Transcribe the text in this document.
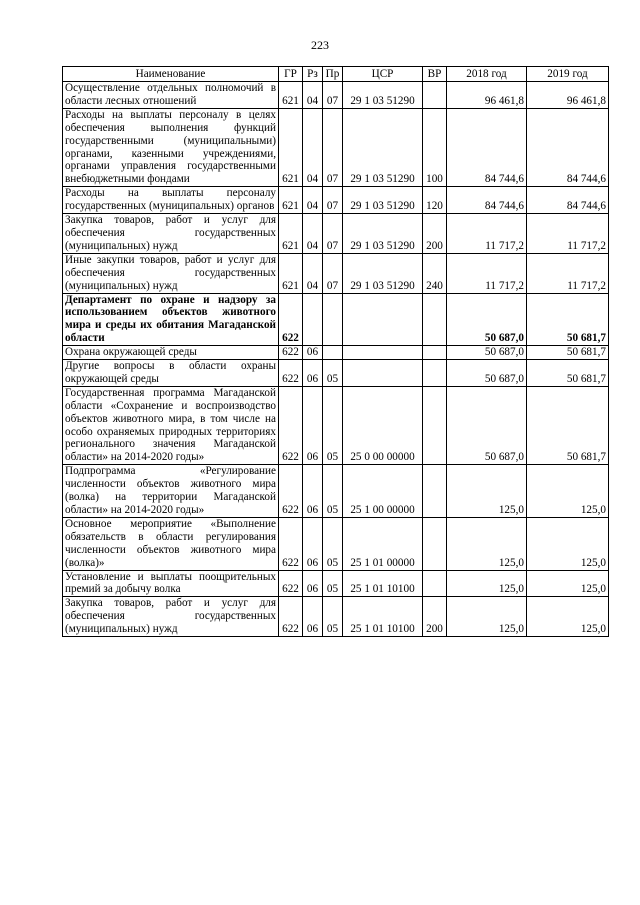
223
Наименование	ГР	Рз	Пр	ЦСР	ВР	2018 год	2019 год
Осуществление отдельных полномочий в области лесных отношений	621	04	07	29 1 03 51290		96 461,8	96 461,8
Расходы на выплаты персоналу в целях обеспечения выполнения функций государственными (муниципальными) органами, казенными учреждениями, органами управления государственными внебюджетными фондами	621	04	07	29 1 03 51290	100	84 744,6	84 744,6
Расходы на выплаты персоналу государственных (муниципальных) органов	621	04	07	29 1 03 51290	120	84 744,6	84 744,6
Закупка товаров, работ и услуг для обеспечения государственных (муниципальных) нужд	621	04	07	29 1 03 51290	200	11 717,2	11 717,2
Иные закупки товаров, работ и услуг для обеспечения государственных (муниципальных) нужд	621	04	07	29 1 03 51290	240	11 717,2	11 717,2
Департамент по охране и надзору за использованием объектов животного мира и среды их обитания Магаданской области	622					50 687,0	50 681,7
Охрана окружающей среды	622	06				50 687,0	50 681,7
Другие вопросы в области охраны окружающей среды	622	06	05			50 687,0	50 681,7
Государственная программа Магаданской области «Сохранение и воспроизводство объектов животного мира, в том числе на особо охраняемых природных территориях регионального значения Магаданской области» на 2014-2020 годы»	622	06	05	25 0 00 00000		50 687,0	50 681,7
Подпрограмма «Регулирование численности объектов животного мира (волка) на территории Магаданской области» на 2014-2020 годы»	622	06	05	25 1 00 00000		125,0	125,0
Основное мероприятие «Выполнение обязательств в области регулирования численности объектов животного мира (волка)»	622	06	05	25 1 01 00000		125,0	125,0
Установление и выплаты поощрительных премий за добычу волка	622	06	05	25 1 01 10100		125,0	125,0
Закупка товаров, работ и услуг для обеспечения государственных (муниципальных) нужд	622	06	05	25 1 01 10100	200	125,0	125,0
